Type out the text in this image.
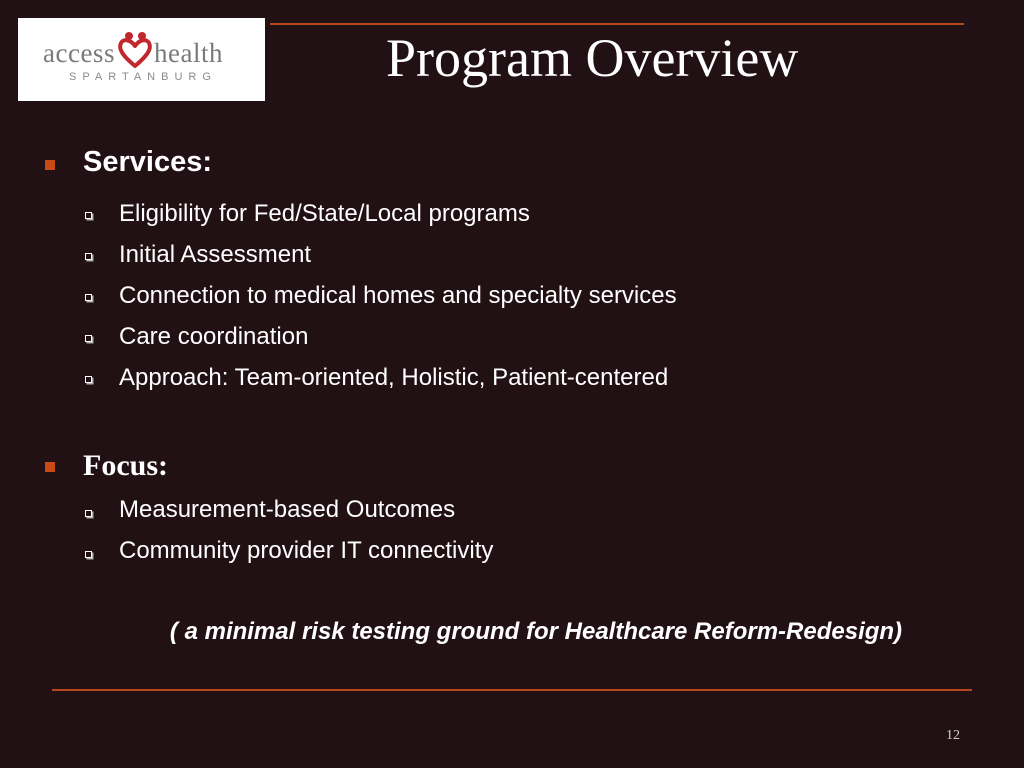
access health
SPARTANBURG	Program Overview
Services:
Eligibility for Fed/State/Local programs
Initial Assessment
Connection to medical homes and specialty services
Care coordination
Approach: Team-oriented, Holistic, Patient-centered
Focus:
Measurement-based Outcomes
Community provider IT connectivity
( a minimal risk testing ground for Healthcare Reform-Redesign)
12
